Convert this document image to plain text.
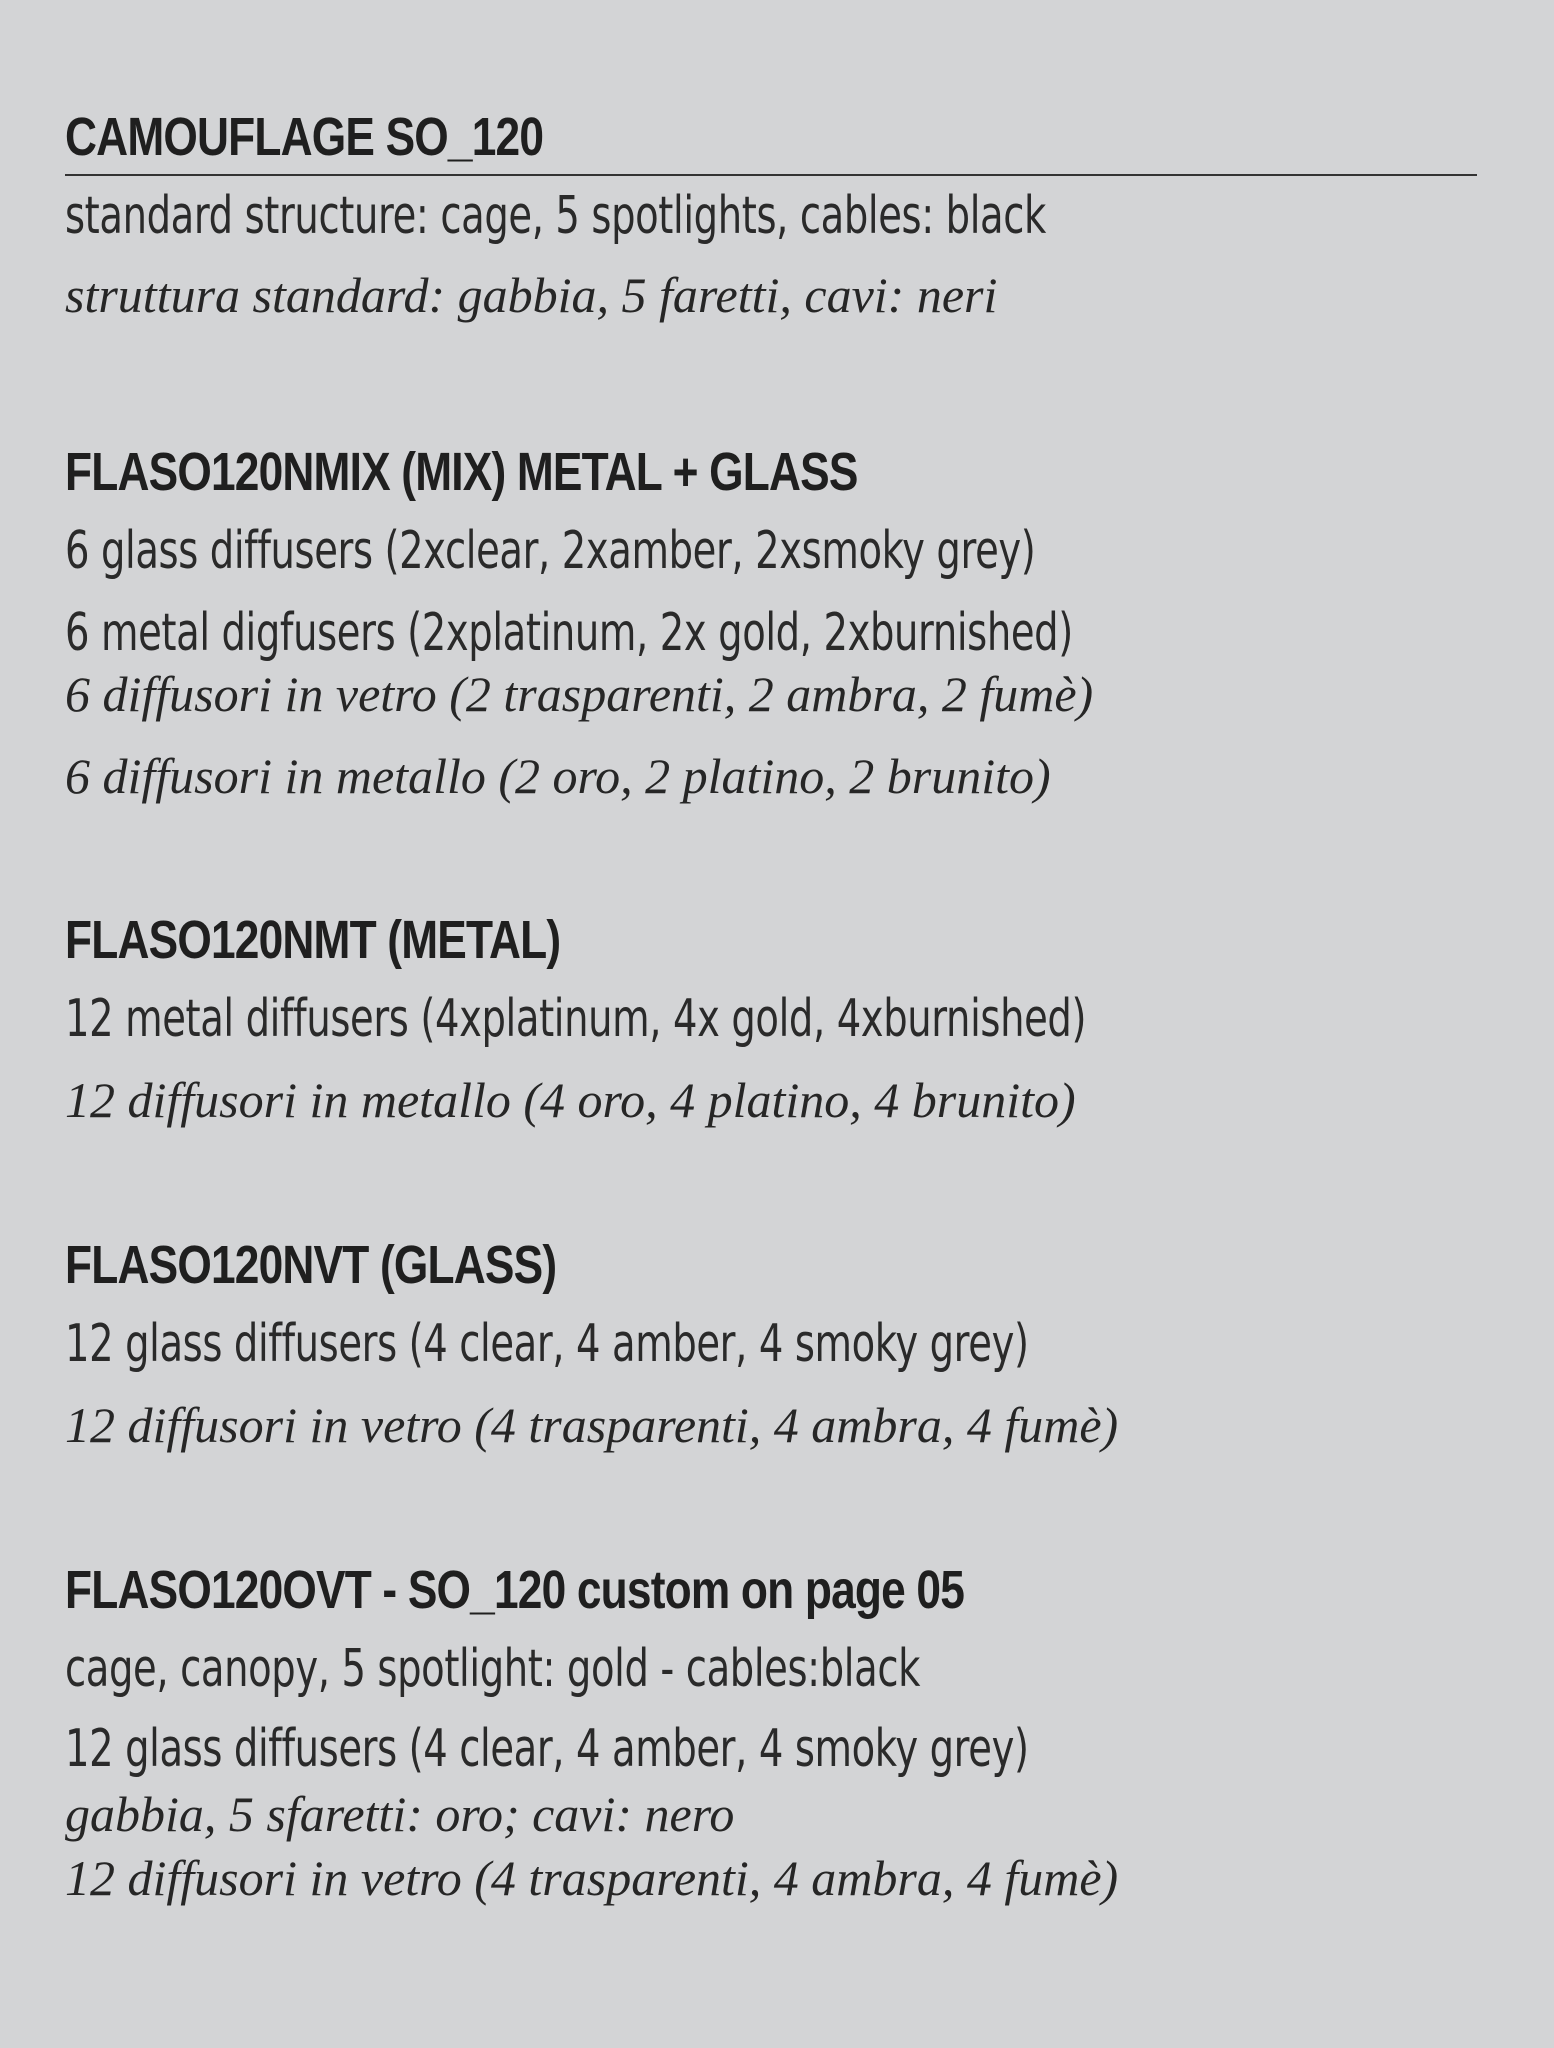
CAMOUFLAGE SO_120
standard structure: cage, 5 spotlights, cables: black
struttura standard: gabbia, 5 faretti, cavi: neri
FLASO120NMIX (MIX) METAL + GLASS
6 glass diffusers (2xclear, 2xamber, 2xsmoky grey)
6 metal digfusers (2xplatinum, 2x gold, 2xburnished)
6 diffusori in vetro (2 trasparenti, 2 ambra, 2 fumè)
6 diffusori in metallo (2 oro, 2 platino, 2 brunito)
FLASO120NMT (METAL)
12 metal diffusers (4xplatinum, 4x gold, 4xburnished)
12 diffusori in metallo (4 oro, 4 platino, 4 brunito)
FLASO120NVT (GLASS)
12 glass diffusers (4 clear, 4 amber, 4 smoky grey)
12 diffusori in vetro (4 trasparenti, 4 ambra, 4 fumè)
FLASO120OVT - SO_120 custom on page 05
cage, canopy, 5 spotlight: gold - cables:black
12 glass diffusers (4 clear, 4 amber, 4 smoky grey)
gabbia, 5 sfaretti: oro; cavi: nero
12 diffusori in vetro (4 trasparenti, 4 ambra, 4 fumè)
